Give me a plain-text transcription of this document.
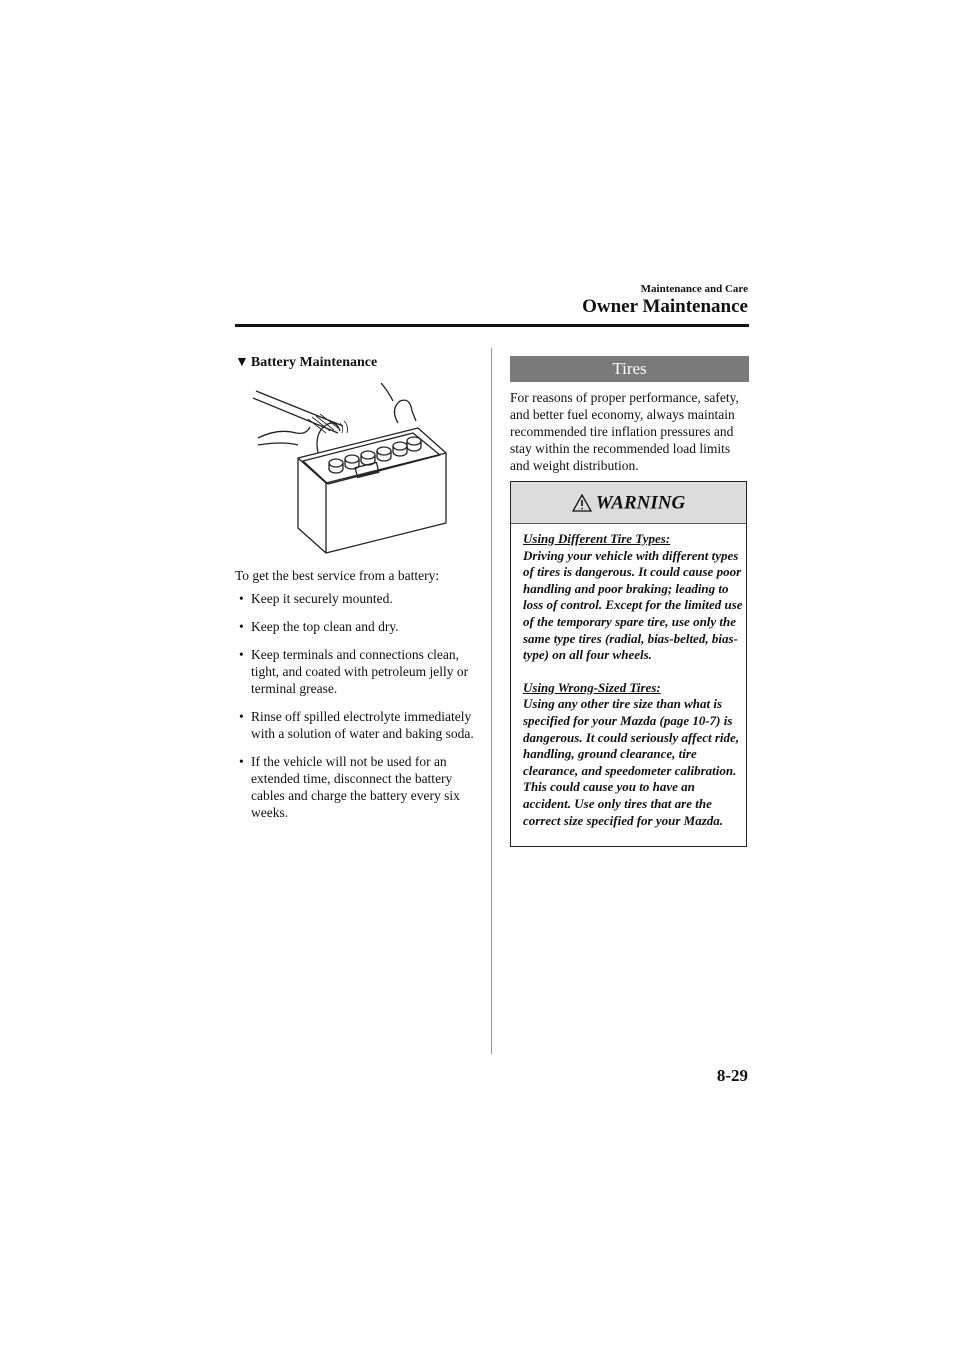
Maintenance and Care
Owner Maintenance
▼ Battery Maintenance
To get the best service from a battery:
• Keep it securely mounted.
• Keep the top clean and dry.
• Keep terminals and connections clean, tight, and coated with petroleum jelly or terminal grease.
• Rinse off spilled electrolyte immediately with a solution of water and baking soda.
• If the vehicle will not be used for an extended time, disconnect the battery cables and charge the battery every six weeks.
Tires
For reasons of proper performance, safety, and better fuel economy, always maintain recommended tire inflation pressures and stay within the recommended load limits and weight distribution.
WARNING
Using Different Tire Types:
Driving your vehicle with different types of tires is dangerous. It could cause poor handling and poor braking; leading to loss of control. Except for the limited use of the temporary spare tire, use only the same type tires (radial, bias-belted, bias-type) on all four wheels.
Using Wrong-Sized Tires:
Using any other tire size than what is specified for your Mazda (page 10-7) is dangerous. It could seriously affect ride, handling, ground clearance, tire clearance, and speedometer calibration. This could cause you to have an accident. Use only tires that are the correct size specified for your Mazda.
8-29
